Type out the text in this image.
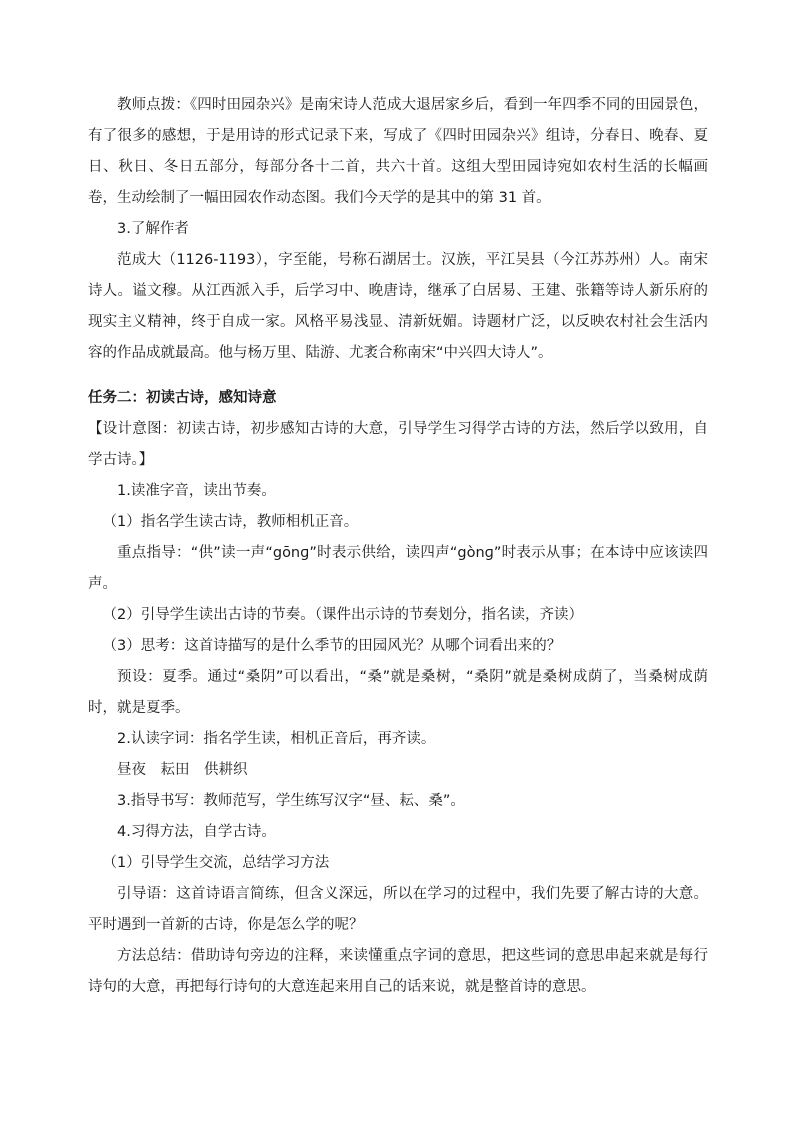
教师点拨：《四时田园杂兴》是南宋诗人范成大退居家乡后，看到一年四季不同的田园景色，有了很多的感想，于是用诗的形式记录下来，写成了《四时田园杂兴》组诗，分春日、晚春、夏日、秋日、冬日五部分，每部分各十二首，共六十首。这组大型田园诗宛如农村生活的长幅画卷，生动绘制了一幅田园农作动态图。我们今天学的是其中的第 31 首。

3.了解作者

范成大（1126-1193），字至能，号称石湖居士。汉族，平江吴县（今江苏苏州）人。南宋诗人。谥文穆。从江西派入手，后学习中、晚唐诗，继承了白居易、王建、张籍等诗人新乐府的现实主义精神，终于自成一家。风格平易浅显、清新妩媚。诗题材广泛，以反映农村社会生活内容的作品成就最高。他与杨万里、陆游、尤袤合称南宋“中兴四大诗人”。

任务二：初读古诗，感知诗意

【设计意图：初读古诗，初步感知古诗的大意，引导学生习得学古诗的方法，然后学以致用，自学古诗。】

1.读准字音，读出节奏。

（1）指名学生读古诗，教师相机正音。

重点指导：“供”读一声“gōnɡ”时表示供给，读四声“gònɡ”时表示从事；在本诗中应该读四声。

（2）引导学生读出古诗的节奏。（课件出示诗的节奏划分，指名读，齐读）

（3）思考：这首诗描写的是什么季节的田园风光？从哪个词看出来的？

预设：夏季。通过“桑阴”可以看出，“桑”就是桑树，“桑阴”就是桑树成荫了，当桑树成荫时，就是夏季。

2.认读字词：指名学生读，相机正音后，再齐读。

昼夜　耘田　供耕织

3.指导书写：教师范写，学生练写汉字“昼、耘、桑”。

4.习得方法，自学古诗。

（1）引导学生交流，总结学习方法

引导语：这首诗语言简练，但含义深远，所以在学习的过程中，我们先要了解古诗的大意。平时遇到一首新的古诗，你是怎么学的呢？

方法总结：借助诗句旁边的注释，来读懂重点字词的意思，把这些词的意思串起来就是每行诗句的大意，再把每行诗句的大意连起来用自己的话来说，就是整首诗的意思。
